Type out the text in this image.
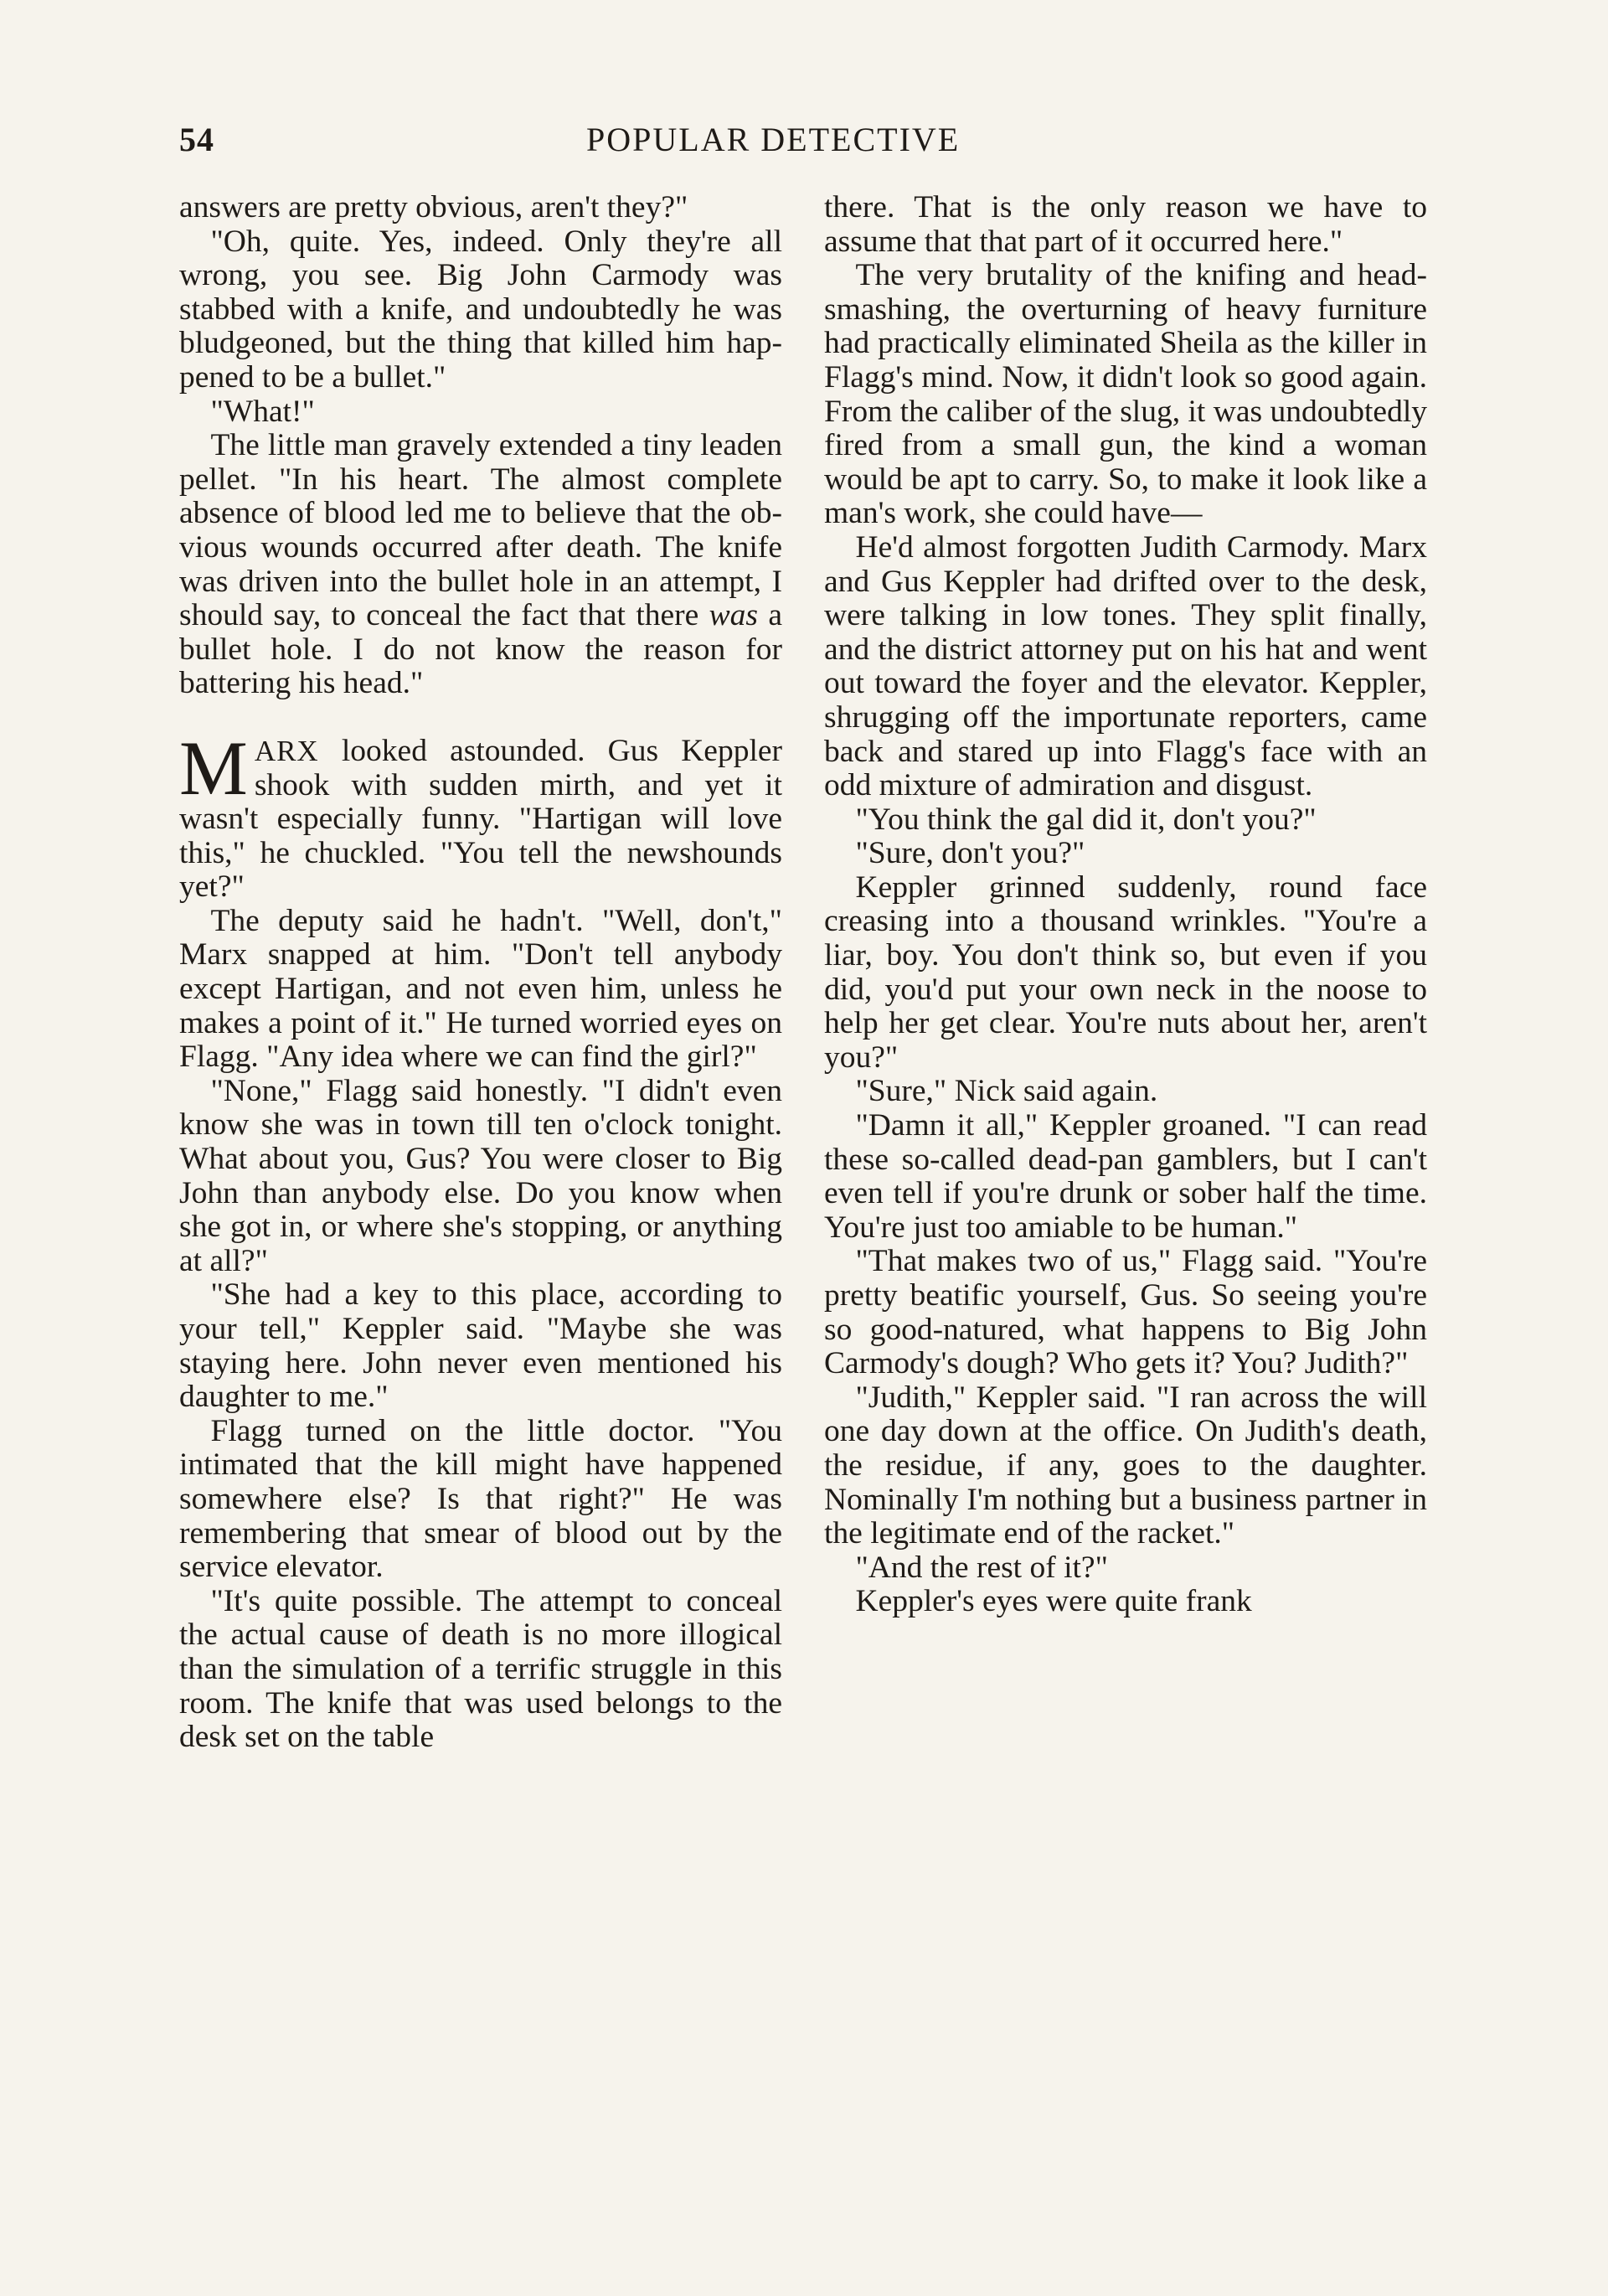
54	POPULAR DETECTIVE

answers are pretty obvious, aren't they?"

"Oh, quite. Yes, indeed. Only they're all wrong, you see. Big John Carmody was stabbed with a knife, and undoubtedly he was bludgeoned, but the thing that killed him happened to be a bullet."

"What!"

The little man gravely extended a tiny leaden pellet. "In his heart. The almost complete absence of blood led me to believe that the obvious wounds occurred after death. The knife was driven into the bullet hole in an attempt, I should say, to conceal the fact that there was a bullet hole. I do not know the reason for battering his head."

MARX looked astounded. Gus Keppler shook with sudden mirth, and yet it wasn't especially funny. "Hartigan will love this," he chuckled. "You tell the newshounds yet?"

The deputy said he hadn't. "Well, don't," Marx snapped at him. "Don't tell anybody except Hartigan, and not even him, unless he makes a point of it." He turned worried eyes on Flagg. "Any idea where we can find the girl?"

"None," Flagg said honestly. "I didn't even know she was in town till ten o'clock tonight. What about you, Gus? You were closer to Big John than anybody else. Do you know when she got in, or where she's stopping, or anything at all?"

"She had a key to this place, according to your tell," Keppler said. "Maybe she was staying here. John never even mentioned his daughter to me."

Flagg turned on the little doctor. "You intimated that the kill might have happened somewhere else? Is that right?" He was remembering that smear of blood out by the service elevator.

"It's quite possible. The attempt to conceal the actual cause of death is no more illogical than the simulation of a terrific struggle in this room. The knife that was used belongs to the desk set on the table

there. That is the only reason we have to assume that that part of it occurred here."

The very brutality of the knifing and head-smashing, the overturning of heavy furniture had practically eliminated Sheila as the killer in Flagg's mind. Now, it didn't look so good again. From the caliber of the slug, it was undoubtedly fired from a small gun, the kind a woman would be apt to carry. So, to make it look like a man's work, she could have—

He'd almost forgotten Judith Carmody. Marx and Gus Keppler had drifted over to the desk, were talking in low tones. They split finally, and the district attorney put on his hat and went out toward the foyer and the elevator. Keppler, shrugging off the importunate reporters, came back and stared up into Flagg's face with an odd mixture of admiration and disgust.

"You think the gal did it, don't you?"

"Sure, don't you?"

Keppler grinned suddenly, round face creasing into a thousand wrinkles. "You're a liar, boy. You don't think so, but even if you did, you'd put your own neck in the noose to help her get clear. You're nuts about her, aren't you?"

"Sure," Nick said again.

"Damn it all," Keppler groaned. "I can read these so-called dead-pan gamblers, but I can't even tell if you're drunk or sober half the time. You're just too amiable to be human."

"That makes two of us," Flagg said. "You're pretty beatific yourself, Gus. So seeing you're so good-natured, what happens to Big John Carmody's dough? Who gets it? You? Judith?"

"Judith," Keppler said. "I ran across the will one day down at the office. On Judith's death, the residue, if any, goes to the daughter. Nominally I'm nothing but a business partner in the legitimate end of the racket."

"And the rest of it?"

Keppler's eyes were quite frank
